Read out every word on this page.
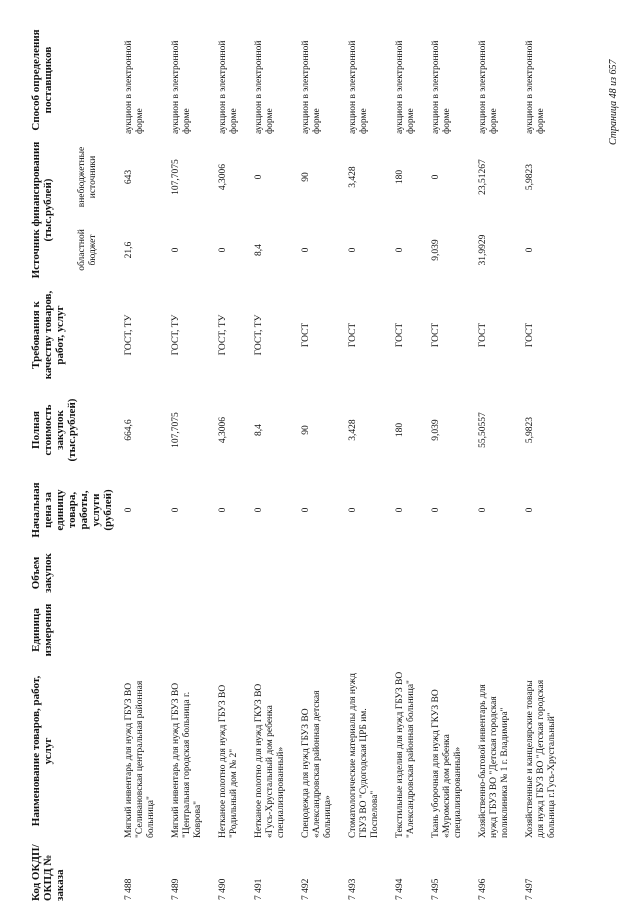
Код ОКДП/ ОКПД № заказа	Наименование товаров, работ, услуг	Единица измерения	Объем закупок	Начальная цена за единицу товара, работы, услуги (рублей)	Полная стоимость закупок (тыс.рублей)	Требования к качеству товаров, работ, услуг	Источник финансирования (тыс.рублей)		Способ определения поставщиков
							областной бюджет	внебюджетные источники	
7 488	Мягкий инвентарь для нужд ГБУЗ ВО "Селивановская центральная районная больница"			0	664,6	ГОСТ, ТУ	21,6	643	аукцион в электронной форме
7 489	Мягкий инвентарь для нужд ГБУЗ ВО "Центральная городская больница г. Коврова"			0	107,7075	ГОСТ, ТУ	0	107,7075	аукцион в электронной форме
7 490	Нетканое полотно для нужд ГБУЗ ВО "Родильный дом № 2"			0	4,3006	ГОСТ, ТУ	0	4,3006	аукцион в электронной форме
7 491	Нетканое полотно для нужд ГКУЗ ВО «Гусь-Хрустальный дом ребенка специализированный»			0	8,4	ГОСТ, ТУ	8,4	0	аукцион в электронной форме
7 492	Спецодежда для нужд ГБУЗ ВО «Александровская районная детская больница»			0	90	ГОСТ	0	90	аукцион в электронной форме
7 493	Стоматологические материалы для нужд ГБУЗ ВО "Судогодская ЦРБ им. Поспелова"			0	3,428	ГОСТ	0	3,428	аукцион в электронной форме
7 494	Текстильные изделия для нужд ГБУЗ ВО "Александровская районная больница"			0	180	ГОСТ	0	180	аукцион в электронной форме
7 495	Ткань уборочная для нужд ГКУЗ ВО «Муромский дом ребенка специализированный»			0	9,039	ГОСТ	9,039	0	аукцион в электронной форме
7 496	Хозяйственно-бытовой инвентарь для нужд ГБУЗ ВО "Детская городская поликлиника № 1 г. Владимира"			0	55,50557	ГОСТ	31,9929	23,51267	аукцион в электронной форме
7 497	Хозяйственные и канцелярские товары для нужд ГБУЗ ВО "Детская городская больница г.Гусь-Хрустальный"			0	5,9823	ГОСТ	0	5,9823	аукцион в электронной форме	Страница 48 из 657
